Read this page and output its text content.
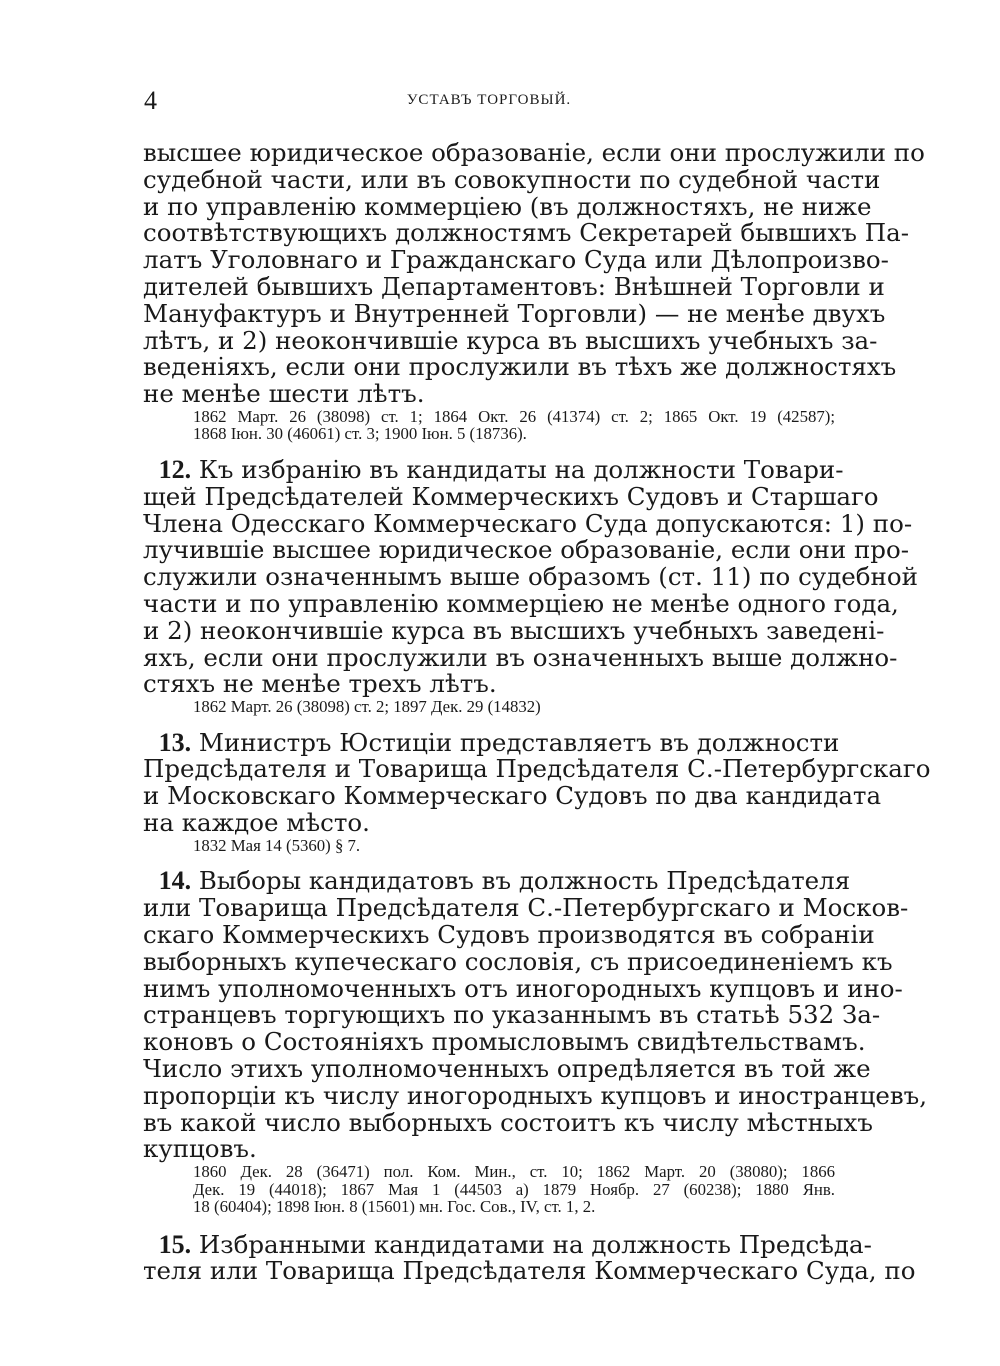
4	УСТАВЪ ТОРГОВЫЙ.
высшее юридическое образованіе, если они прослужили по
судебной части, или въ совокупности по судебной части
и по управленію коммерціею (въ должностяхъ, не ниже
соотвѣтствующихъ должностямъ Секретарей бывшихъ Па-
латъ Уголовнаго и Гражданскаго Суда или Дѣлопроизво-
дителей бывшихъ Департаментовъ: Внѣшней Торговли и
Мануфактуръ и Внутренней Торговли) — не менѣе двухъ
лѣтъ, и 2) неокончившіе курса въ высшихъ учебныхъ за-
веденіяхъ, если они прослужили въ тѣхъ же должностяхъ
не менѣе шести лѣтъ.
1862 Март. 26 (38098) ст. 1; 1864 Окт. 26 (41374) ст. 2; 1865 Окт. 19 (42587);
1868 Іюн. 30 (46061) ст. 3; 1900 Іюн. 5 (18736).
12. Къ избранію въ кандидаты на должности Товари-
щей Предсѣдателей Коммерческихъ Судовъ и Старшаго
Члена Одесскаго Коммерческаго Суда допускаются: 1) по-
лучившіе высшее юридическое образованіе, если они про-
служили означеннымъ выше образомъ (ст. 11) по судебной
части и по управленію коммерціею не менѣе одного года,
и 2) неокончившіе курса въ высшихъ учебныхъ заведені-
яхъ, если они прослужили въ означенныхъ выше должно-
стяхъ не менѣе трехъ лѣтъ.
1862 Март. 26 (38098) ст. 2; 1897 Дек. 29 (14832)
13. Министръ Юстиціи представляетъ въ должности
Предсѣдателя и Товарища Предсѣдателя С.-Петербургскаго
и Московскаго Коммерческаго Судовъ по два кандидата
на каждое мѣсто.
1832 Мая 14 (5360) § 7.
14. Выборы кандидатовъ въ должность Предсѣдателя
или Товарища Предсѣдателя С.-Петербургскаго и Москов-
скаго Коммерческихъ Судовъ производятся въ собраніи
выборныхъ купеческаго сословія, съ присоединеніемъ къ
нимъ уполномоченныхъ отъ иногородныхъ купцовъ и ино-
странцевъ торгующихъ по указаннымъ въ статьѣ 532 За-
коновъ о Состояніяхъ промысловымъ свидѣтельствамъ.
Число этихъ уполномоченныхъ опредѣляется въ той же
пропорціи къ числу иногородныхъ купцовъ и иностранцевъ,
въ какой число выборныхъ состоитъ къ числу мѣстныхъ
купцовъ.
1860 Дек. 28 (36471) пол. Ком. Мин., ст. 10; 1862 Март. 20 (38080); 1866
Дек. 19 (44018); 1867 Мая 1 (44503 а) 1879 Ноябр. 27 (60238); 1880 Янв.
18 (60404); 1898 Іюн. 8 (15601) мн. Гос. Сов., IV, ст. 1, 2.
15. Избранными кандидатами на должность Предсѣда-
теля или Товарища Предсѣдателя Коммерческаго Суда, по
